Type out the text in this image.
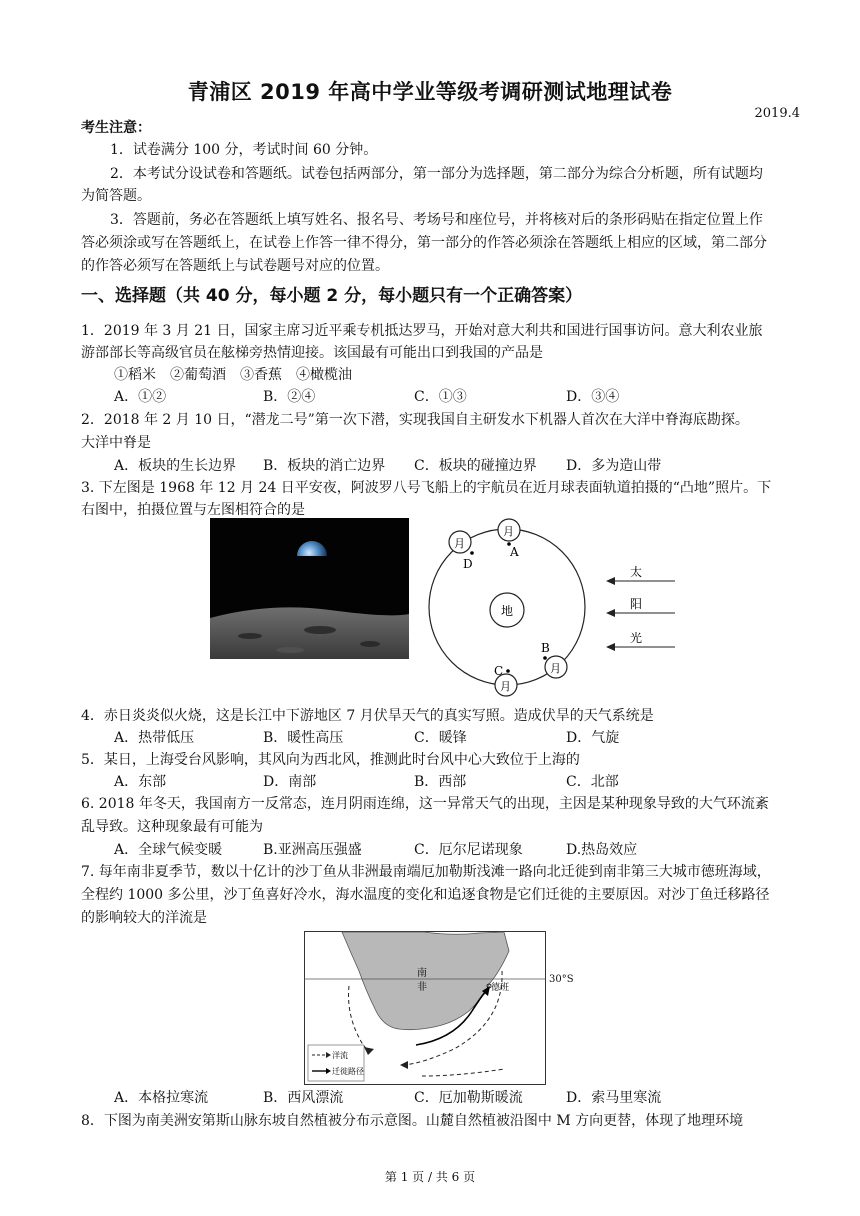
青浦区 2019 年高中学业等级考调研测试地理试卷
2019.4
考生注意：
1．试卷满分 100 分，考试时间 60 分钟。
2．本考试分设试卷和答题纸。试卷包括两部分，第一部分为选择题，第二部分为综合分析题，所有试题均
为简答题。
3．答题前，务必在答题纸上填写姓名、报名号、考场号和座位号，并将核对后的条形码贴在指定位置上作
答必须涂或写在答题纸上，在试卷上作答一律不得分，第一部分的作答必须涂在答题纸上相应的区域，第二部分
的作答必须写在答题纸上与试卷题号对应的位置。
一、选择题（共 40 分，每小题 2 分，每小题只有一个正确答案）
1．2019 年 3 月 21 日，国家主席习近平乘专机抵达罗马，开始对意大利共和国进行国事访问。意大利农业旅
游部部长等高级官员在舷梯旁热情迎接。该国最有可能出口到我国的产品是
①稻米　②葡萄酒　③香蕉　④橄榄油
A．①②	B．②④	C．①③	D．③④
2．2018 年 2 月 10 日，“潜龙二号”第一次下潜，实现我国自主研发水下机器人首次在大洋中脊海底勘探。
大洋中脊是
A．板块的生长边界 B．板块的消亡边界 C．板块的碰撞边界 D．多为造山带
3. 下左图是 1968 年 12 月 24 日平安夜，阿波罗八号飞船上的宇航员在近月球表面轨道拍摄的“凸地”照片。下
右图中，拍摄位置与左图相符合的是
地
月
月
月
月
D
A
B
C
太
阳
光
4．赤日炎炎似火烧，这是长江中下游地区 7 月伏旱天气的真实写照。造成伏旱的天气系统是
A．热带低压	B．暖性高压	C．暖锋	D．气旋
5．某日，上海受台风影响，其风向为西北风，推测此时台风中心大致位于上海的
A．东部	D．南部	B．西部	C．北部
6. 2018 年冬天，我国南方一反常态，连月阴雨连绵，这一异常天气的出现，主因是某种现象导致的大气环流紊
乱导致。这种现象最有可能为
A．全球气候变暖	B.亚洲高压强盛	C．厄尔尼诺现象	D.热岛效应
7. 每年南非夏季节，数以十亿计的沙丁鱼从非洲最南端厄加勒斯浅滩一路向北迁徙到南非第三大城市德班海域，
全程约 1000 多公里，沙丁鱼喜好冷水，海水温度的变化和追逐食物是它们迁徙的主要原因。对沙丁鱼迁移路径
的影响较大的洋流是
南
非	德班
洋流
迁徙路径
30°S
A．本格拉寒流	B．西风漂流	C．厄加勒斯暖流	D．索马里寒流
8．下图为南美洲安第斯山脉东坡自然植被分布示意图。山麓自然植被沿图中 M 方向更替，体现了地理环境
第 1 页 / 共 6 页
